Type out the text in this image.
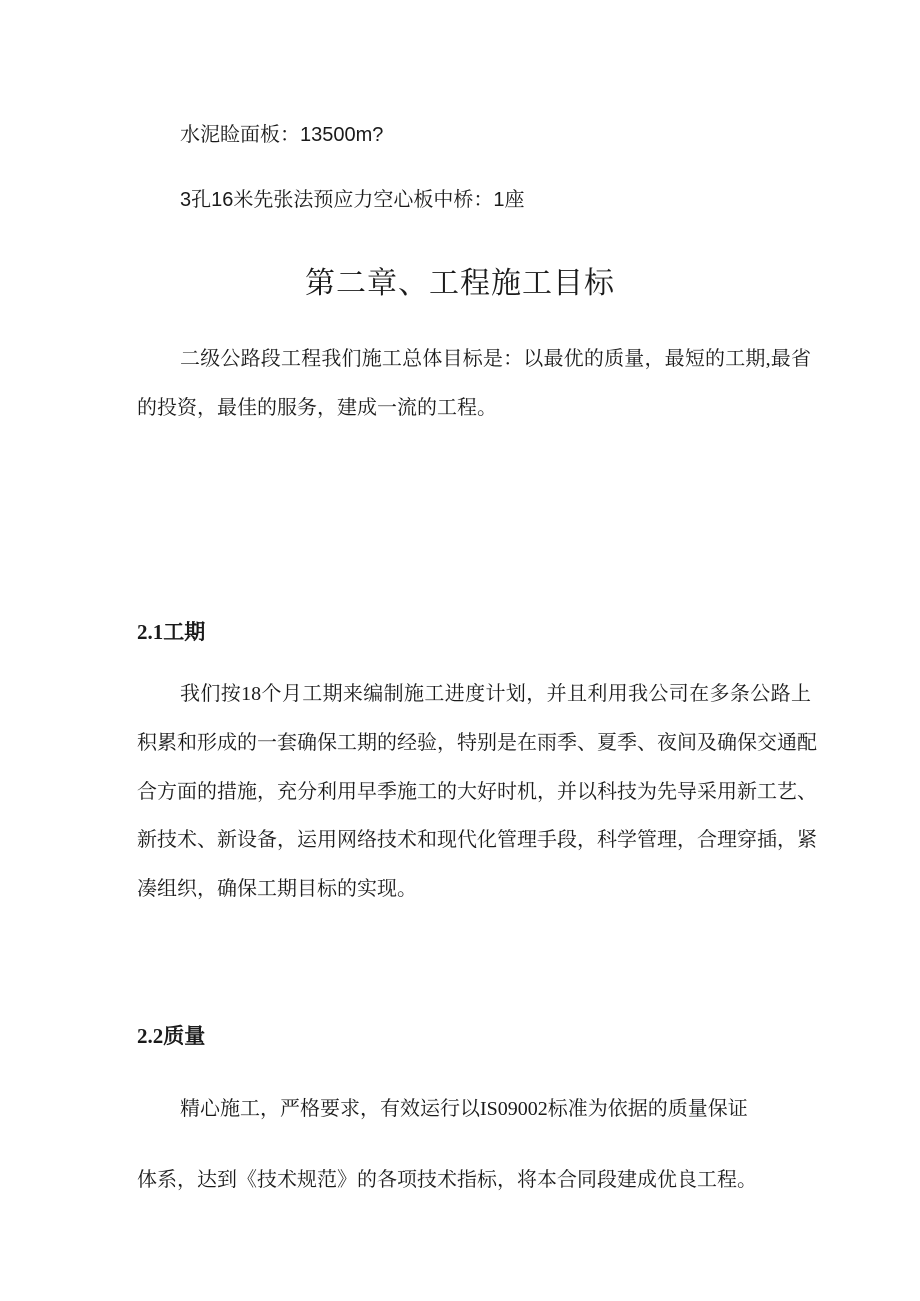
水泥睑面板：13500m?

3孔16米先张法预应力空心板中桥：1座

第二章、工程施工目标

二级公路段工程我们施工总体目标是：以最优的质量，最短的工期,最省

的投资，最佳的服务，建成一流的工程。

2.1工期

我们按18个月工期来编制施工进度计划，并且利用我公司在多条公路上

积累和形成的一套确保工期的经验，特别是在雨季、夏季、夜间及确保交通配

合方面的措施，充分利用早季施工的大好时机，并以科技为先导采用新工艺、

新技术、新设备，运用网络技术和现代化管理手段，科学管理，合理穿插，紧

凑组织，确保工期目标的实现。

2.2质量

精心施工，严格要求，有效运行以IS09002标准为依据的质量保证

体系，达到《技术规范》的各项技术指标，将本合同段建成优良工程。
